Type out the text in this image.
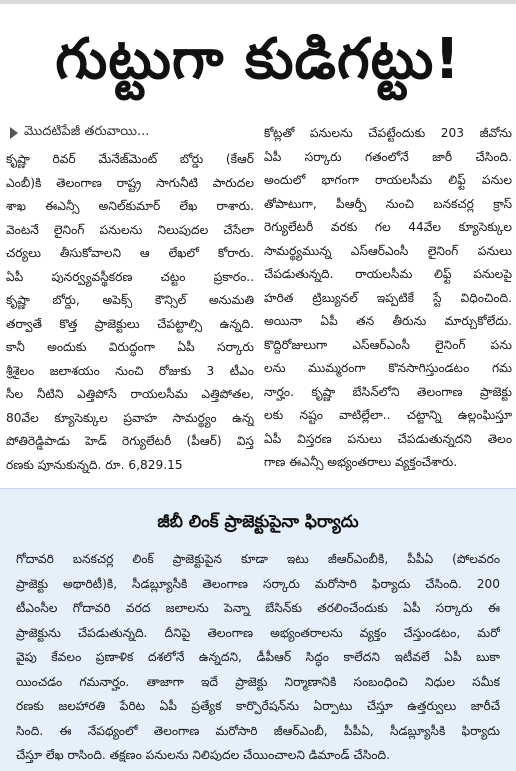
గుట్టుగా కుడిగట్టు!
మొదటిపేజీ తరువాయి...
కృష్ణా రివర్ మేనేజ్‌మెంట్ బోర్డు (కేఆర్
ఎంబీ)కి తెలంగాణ రాష్ట్ర సాగునీటి పారుదల
శాఖ ఈఎన్సీ అనిల్‌కుమార్ లేఖ రాశారు.
వెంటనే లైనింగ్ పనులను నిలుపుదల చేసేలా
చర్యలు తీసుకోవాలని ఆ లేఖలో కోరారు.
ఏపీ పునర్వ్యవస్థీకరణ చట్టం ప్రకారం..
కృష్ణా బోర్డు, అపెక్స్ కౌన్సిల్ అనుమతి
తర్వాతే కొత్త ప్రాజెక్టులు చేపట్టాల్సి ఉన్నది.
కానీ అందుకు విరుద్ధంగా ఏపీ సర్కారు
శ్రీశైలం జలాశయం నుంచి రోజుకు 3 టీఎం
సీల నీటిని ఎత్తిపోసే రాయలసీమ ఎత్తిపోతల,
80వేల క్యూసెక్కుల ప్రవాహ సామర్థ్యం ఉన్న
పోతిరెడ్డిపాడు హెడ్ రెగ్యులేటరీ (పీఆర్) విస్త
రణకు పూనుకున్నది. రూ. 6,829.15
కోట్లతో పనులను చేపట్టేందుకు 203 జీవోను
ఏపీ సర్కారు గతంలోనే జారీ చేసింది.
అందులో భాగంగా రాయలసీమ లిఫ్ట్ పనుల
తోపాటుగా, పీఆర్పీ నుంచి బనకచర్ల క్రాస్
రెగ్యులేటరీ వరకు గల 44వేల క్యూసెక్కుల
సామర్థ్యమున్న ఎస్ఆర్ఎంసీ లైనింగ్ పనులు
చేపడుతున్నది. రాయలసీమ లిఫ్ట్ పనులపై
హరిత ట్రిబ్యునల్ ఇప్పటికే స్టే విధించింది.
అయినా ఏపీ తన తీరును మార్చుకోలేదు.
కొద్దిరోజులుగా ఎస్ఆర్ఎంసీ లైనింగ్ పను
లను ముమ్మరంగా కొనసాగిస్తుండటం గమ
నార్హం. కృష్ణా బేసిన్‌లోని తెలంగాణ ప్రాజెక్టు
లకు నష్టం వాటిల్లేలా.. చట్టాన్ని ఉల్లంఘిస్తూ
ఏపీ విస్తరణ పనులు చేపడుతున్నదని తెలం
గాణ ఈఎన్సీ అభ్యంతరాలు వ్యక్తంచేశారు.
జీబీ లింక్ ప్రాజెక్టుపైనా ఫిర్యాదు
గోదావరి బనకచర్ల లింక్ ప్రాజెక్టుపైన కూడా ఇటు జీఆర్ఎంబీకి, పీపీఏ (పోలవరం
ప్రాజెక్టు అథారిటీ)కి, సీడబ్ల్యూసీకి తెలంగాణ సర్కారు మరోసారి ఫిర్యాదు చేసింది. 200
టీఎంసీల గోదావరి వరద జలాలను పెన్నా బేసిన్‌కు తరలించేందుకు ఏపీ సర్కారు ఈ
ప్రాజెక్టును చేపడుతున్నది. దీనిపై తెలంగాణ అభ్యంతరాలను వ్యక్తం చేస్తుండటం, మరో
వైపు కేవలం ప్రణాళిక దశలోనే ఉన్నదని, డీపీఆర్ సిద్ధం కాలేదని ఇటీవలే ఏపీ బుకా
యించడం గమనార్హం. తాజాగా ఇదే ప్రాజెక్టు నిర్మాణానికి సంబంధించి నిధుల సమీక
రణకు జలహారతి పేరిట ఏపీ ప్రత్యేక కార్పొరేషన్‌ను ఏర్పాటు చేస్తూ ఉత్తర్వులు జారీచే
సింది. ఈ నేపథ్యంలో తెలంగాణ మరోసారి జీఆర్ఎంబీ, పీపీఏ, సీడబ్ల్యూసీకి ఫిర్యాదు
చేస్తూ లేఖ రాసింది. తక్షణం పనులను నిలిపుదల చేయించాలని డిమాండ్ చేసింది.
